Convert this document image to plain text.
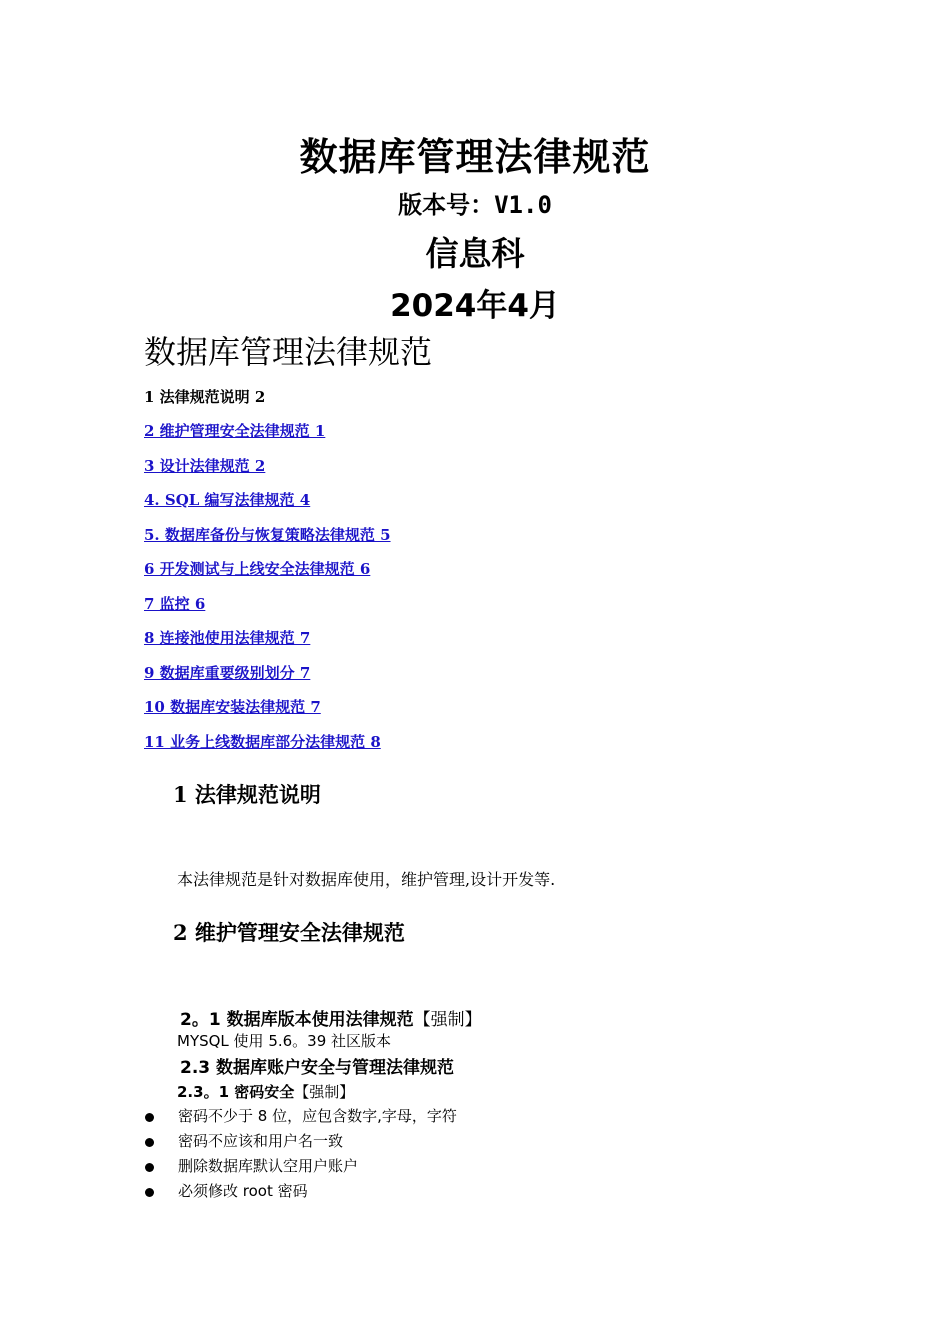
数据库管理法律规范
版本号：V1.0
信息科
2024年4月
数据库管理法律规范
1 法律规范说明 2
2 维护管理安全法律规范 1
3 设计法律规范 2
4. SQL 编写法律规范 4
5. 数据库备份与恢复策略法律规范 5
6 开发测试与上线安全法律规范 6
7 监控 6
8 连接池使用法律规范 7
9 数据库重要级别划分 7
10 数据库安装法律规范 7
11 业务上线数据库部分法律规范 8
1 法律规范说明
本法律规范是针对数据库使用，维护管理,设计开发等.
2 维护管理安全法律规范
2。1 数据库版本使用法律规范【强制】
MYSQL 使用 5.6。39 社区版本
2.3 数据库账户安全与管理法律规范
2.3。1 密码安全【强制】
密码不少于 8 位，应包含数字,字母，字符
密码不应该和用户名一致
删除数据库默认空用户账户
必须修改 root 密码
